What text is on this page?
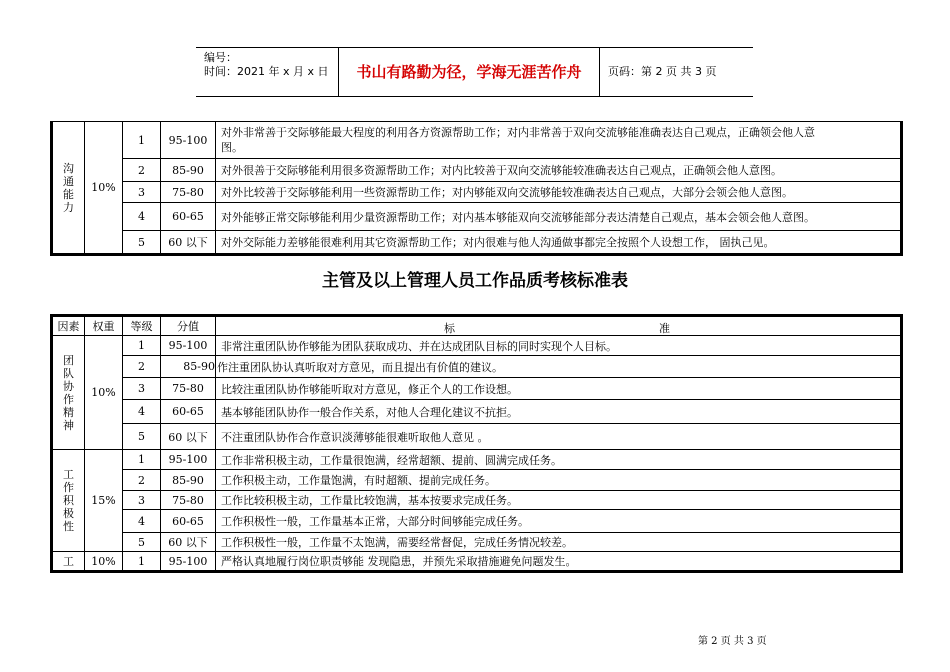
编号：
时间：2021 年 x 月 x 日	书山有路勤为径，学海无涯苦作舟	页码：第 2 页 共 3 页
沟通能力	10%	1	95-100	对外非常善于交际够能最大程度的利用各方资源帮助工作；对内非常善于双向交流够能准确表达自己观点，正确领会他人意
图。

		2	85-90	对外很善于交际够能利用很多资源帮助工作；对内比较善于双向交流够能较准确表达自己观点，正确领会他人意图。
		3	75-80	对外比较善于交际够能利用一些资源帮助工作；对内够能双向交流够能较准确表达自己观点，大部分会领会他人意图。
		4	60-65	对外能够正常交际够能利用少量资源帮助工作；对内基本够能双向交流够能部分表达清楚自己观点，基本会领会他人意图。
		5	60 以下	对外交际能力差够能很难利用其它资源帮助工作；对内很难与他人沟通做事都完全按照个人设想工作， 固执己见。
主管及以上管理人员工作品质考核标准表
因素	权重	等级	分值	标 准

团队协作精神	10%	1	95-100	非常注重团队协作够能为团队获取成功、并在达成团队目标的同时实现个人目标。
		2	85-90	作注重团队协认真听取对方意见，而且提出有价值的建议。
		3	75-80	比较注重团队协作够能听取对方意见，修正个人的工作设想。
		4	60-65	基本够能团队协作一般合作关系，对他人合理化建议不抗拒。
		5	60 以下	不注重团队协作合作意识淡薄够能很难听取他人意见 。
工作积极性	15%	1	95-100	工作非常积极主动，工作量很饱满，经常超额、提前、圆满完成任务。
		2	85-90	工作积极主动，工作量饱满，有时超额、提前完成任务。
		3	75-80	工作比较积极主动，工作量比较饱满，基本按要求完成任务。
		4	60-65	工作积极性一般，工作量基本正常，大部分时间够能完成任务。
		5	60 以下	工作积极性一般，工作量不太饱满，需要经常督促，完成任务情况较差。
工	10%	1	95-100	严格认真地履行岗位职责够能 发现隐患，并预先采取措施避免问题发生。
第 2 页 共 3 页
